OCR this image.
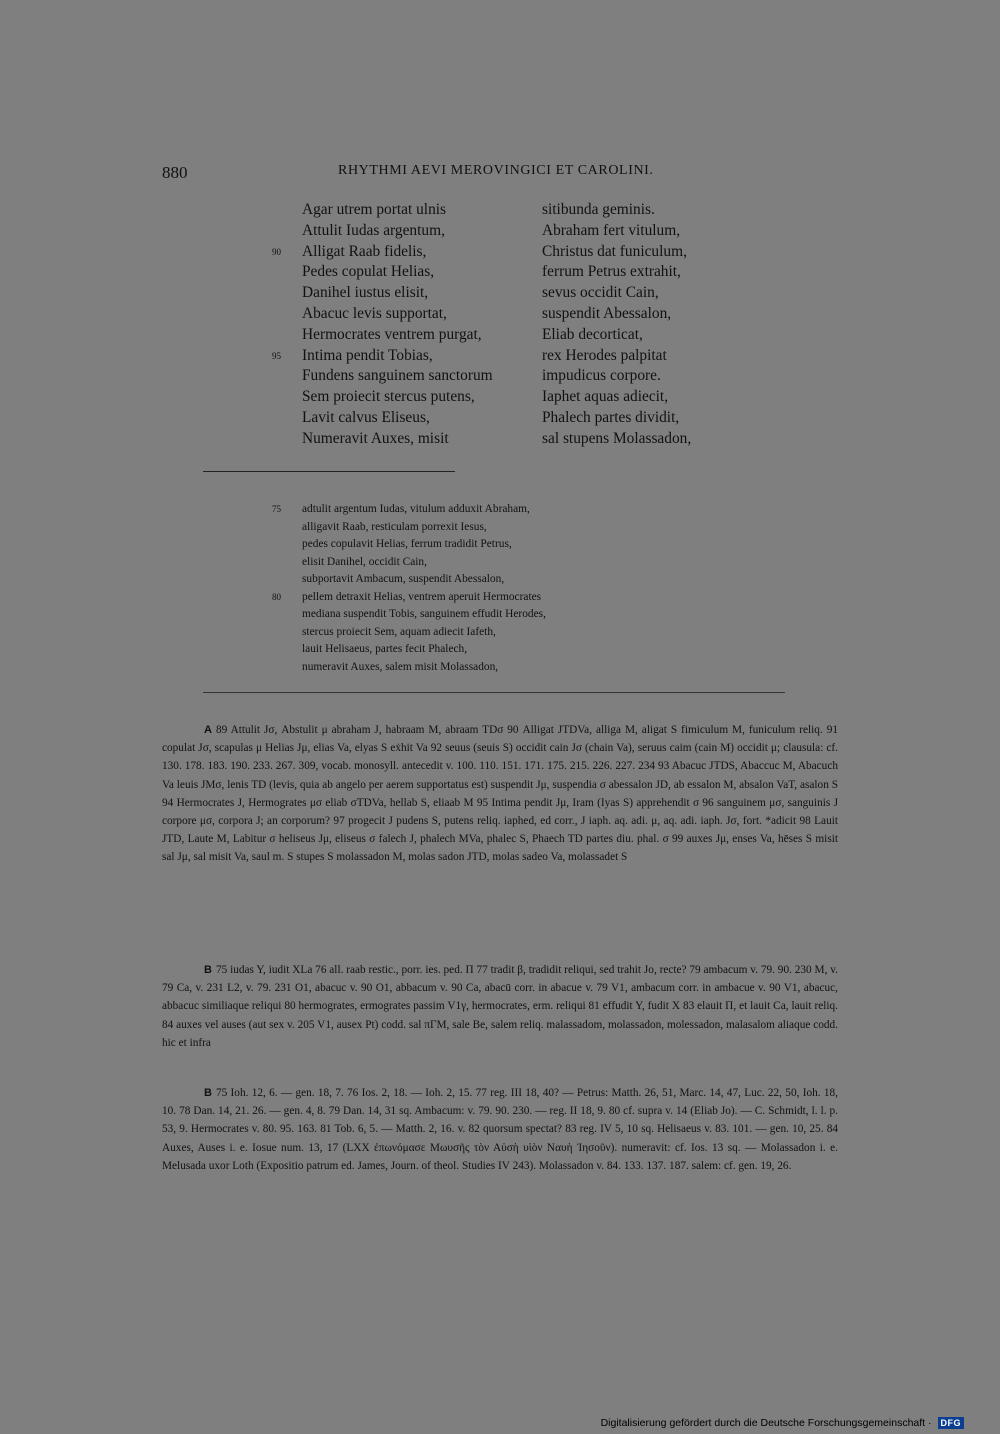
880	RHYTHMI AEVI MEROVINGICI ET CAROLINI.
Agar utrem portat ulnis	sitibunda geminis.
Attulit Iudas argentum,	Abraham fert vitulum,
90 Alligat Raab fidelis,	Christus dat funiculum,
Pedes copulat Helias,	ferrum Petrus extrahit,
Danihel iustus elisit,	sevus occidit Cain,
Abacuc levis supportat,	suspendit Abessalon,
Hermocrates ventrem purgat,	Eliab decorticat,
95 Intima pendit Tobias,	rex Herodes palpitat
Fundens sanguinem sanctorum	impudicus corpore.
Sem proiecit stercus putens,	Iaphet aquas adiecit,
Lavit calvus Eliseus,	Phalech partes dividit,
Numeravit Auxes, misit	sal stupens Molassadon,
75 adtulit argentum Iudas, vitulum adduxit Abraham,
alligavit Raab, resticulam porrexit Iesus,
pedes copulavit Helias, ferrum tradidit Petrus,
elisit Danihel, occidit Cain,
subportavit Ambacum, suspendit Abessalon,
80 pellem detraxit Helias, ventrem aperuit Hermocrates
mediana suspendit Tobis, sanguinem effudit Herodes,
stercus proiecit Sem, aquam adiecit Iafeth,
lauit Helisaeus, partes fecit Phalech,
numeravit Auxes, salem misit Molassadon,

A 89 Attulit Jσ, Abstulit μ abraham J, habraam M, abraam TDσ 90 Alligat JTDVa, alliga M, aligat S fimiculum M, funiculum reliq. 91 copulat Jσ, scapulas μ Helias Jμ, elias Va, elyas S eẋhit Va 92 seuus (seuis S) occidit cain Jσ (chain Va), seruus caim (cain M) occidit μ; clausula: cf. 130. 178. 183. 190. 233. 267. 309, vocab. monosyll. antecedit v. 100. 110. 151. 171. 175. 215. 226. 227. 234 93 Abacuc JTDS, Abaccuc M, Abacuch Va leuis JMσ, lenis TD (levis, quia ab angelo per aerem supportatus est) suspendit Jμ, suspendia σ abessalon JD, ab essalon M, absalon VaT, asalon S 94 Hermocrates J, Hermogrates μσ eliab σTDVa, hellab S, eliaab M 95 Intima pendit Jμ, Iram (Iyas S) apprehendit σ 96 sanguinem μσ, sanguinis J corpore μσ, corpora J; an corporum? 97 progecit J pudens S, putens reliq. iaphed, ed corr., J iaph. aq. adi. μ, aq. adi. iaph. Jσ, fort. *adicit 98 Lauit JTD, Laute M, Labitur σ heliseus Jμ, eliseus σ falech J, phalech MVa, phalec S, Phaech TD partes diu. phal. σ 99 auxes Jμ, enses Va, hēses S misit sal Jμ, sal misit Va, saul m. S stupes S molassadon M, molas sadon JTD, molas sadeo Va, molassadet S

B 75 iudas Y, iudit XLa 76 all. raab restic., porr. ies. ped. Π 77 tradit β, tradidit reliqui, sed trahit Jo, recte? 79 ambacum v. 79. 90. 230 M, v. 79 Ca, v. 231 L2, v. 79. 231 O1, abacuc v. 90 O1, abbacum v. 90 Ca, abacū corr. in abacue v. 79 V1, ambacum corr. in ambacue v. 90 V1, abacuc, abbacuc similiaque reliqui 80 hermogrates, ermogrates passim V1γ, hermocrates, erm. reliqui 81 effudit Y, fudit X 83 elauit Π, et lauit Ca, lauit reliq. 84 auxes vel auses (aut sex v. 205 V1, ausex Pt) codd. sal πΓM, sale Be, salem reliq. malassadom, molassadon, molessadon, malasalom aliaque codd. hic et infra

B 75 Ioh. 12, 6. — gen. 18, 7. 76 Ios. 2, 18. — Ioh. 2, 15. 77 reg. III 18, 40? — Petrus: Matth. 26, 51, Marc. 14, 47, Luc. 22, 50, Ioh. 18, 10. 78 Dan. 14, 21. 26. — gen. 4, 8. 79 Dan. 14, 31 sq. Ambacum: v. 79. 90. 230. — reg. II 18, 9. 80 cf. supra v. 14 (Eliab Jo). — C. Schmidt, l. l. p. 53, 9. Hermocrates v. 80. 95. 163. 81 Tob. 6, 5. — Matth. 2, 16. v. 82 quorsum spectat? 83 reg. IV 5, 10 sq. Helisaeus v. 83. 101. — gen. 10, 25. 84 Auxes, Auses i. e. Iosue num. 13, 17 (LXX ἐπωνόμασε Μωυσῆς τὸν Αὐσὴ υἱὸν Ναυὴ Ἰησοῦν). numeravit: cf. Ios. 13 sq. — Molassadon i. e. Melusada uxor Loth (Expositio patrum ed. James, Journ. of theol. Studies IV 243). Molassadon v. 84. 133. 137. 187. salem: cf. gen. 19, 26.

Digitalisierung gefördert durch die Deutsche Forschungsgemeinschaft ·	DFG
